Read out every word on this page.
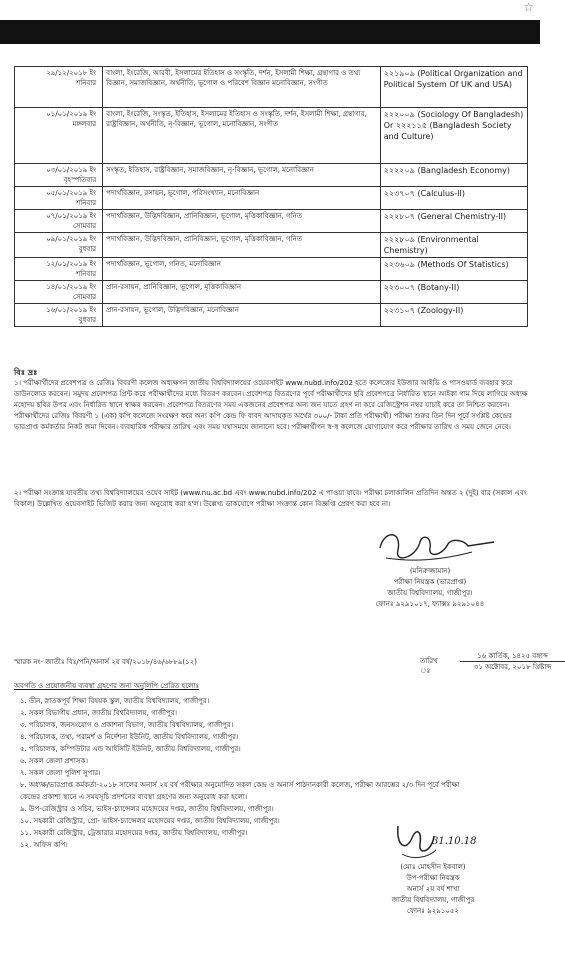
☆
২৯/১২/২০১৮ ইং
শনিবার	বাংলা, ইংরেজি, আরবী, ইসলামের ইতিহাস ও সংস্কৃতি, দর্শন, ইসলামী শিক্ষা, গ্রন্থাগার ও তথ্য বিজ্ঞান, সমাজবিজ্ঞান, অর্থনীতি, ভূগোল ও পরিবেশ বিজ্ঞান মনোবিজ্ঞান, সংগীত	২২১৯০৯ (Political Organization and Political System Of UK and USA)

০১/০১/২০১৯ ইং
মঙ্গলবার	বাংলা, ইংরেজি, সংস্কৃত, ইতিহাস, ইসলামের ইতিহাস ও সংস্কৃতি, দর্শন, ইসলামী শিক্ষা, গ্রন্থাগার, রাষ্ট্রবিজ্ঞান, অর্থনীতি, নৃ-বিজ্ঞান, ভূগোল, মনোবিজ্ঞান, সংগীত	২২২০০৯ (Sociology Of Bangladesh) Or ২২২১১৫ (Bangladesh Society and Culture)

০৩/০১/২০১৯ ইং
বৃহস্পতিবার	সংস্কৃত, ইতিহাস, রাষ্ট্রবিজ্ঞান, সমাজবিজ্ঞান, নৃ-বিজ্ঞান, ভূগোল, মনোবিজ্ঞান	২২২২০৯ (Bangladesh Economy)

০৫/০১/২০১৯ ইং
শনিবার	পদার্থবিজ্ঞান, রসায়ন, ভূগোল, পরিসংখ্যান, মনোবিজ্ঞান	২২৩৭০৭ (Calculus-II)

০৭/০১/২০১৯ ইং
সোমবার	পদার্থবিজ্ঞান, উদ্ভিদবিজ্ঞান, প্রানিবিজ্ঞান, ভূগোল, মৃত্তিকাবিজ্ঞান, গনিত	২২২৮০৭ (General Chemistry-II)

০৯/০১/২০১৯ ইং
বুধবার	পদার্থবিজ্ঞান, উদ্ভিদবিজ্ঞান, প্রানিবিজ্ঞান, ভূগোল, মৃত্তিকাবিজ্ঞান, গনিত	২২২৮০৯ (Environmental Chemistry)

১২/০১/২০১৯ ইং
শনিবার	পদার্থবিজ্ঞান, ভূগোল, গনিত, মনোবিজ্ঞান	২২৩৬০৯ (Methods Of Statistics)

১৪/০১/২০১৯ ইং
সোমবার	প্রান-রসায়ন, প্রানিবিজ্ঞান, ভূগোল, মৃত্তিকাবিজ্ঞান	২২৩০০৭ (Botany-II)

১৬/০১/২০১৯ ইং
বুধবার	প্রান-রসায়ন, ভূগোল, উদ্ভিদবিজ্ঞান, মনোবিজ্ঞান	২২৩১০৭ (Zoology-II)
বিঃ দ্রঃ
১। পরীক্ষার্থীদের প্রবেশপত্র ও রেজিঃ বিবরণী কলেজ অধ্যক্ষগন জাতীয় বিশ্ববিদ্যালয়ের ওয়েবসাইট www.nubd.info/202 হতে কলেজের ইউজার আইডি ও পাসওয়ার্ড ব্যবহার করে ডাউনলোড করবেন। সমুদয় প্রবেশপত্র প্রিন্ট করে পরীক্ষার্থীদের মধ্যে বিতরণ করবেন। প্রবেশপত্র বিতরণের পূর্বে পরীক্ষার্থীদের ছবি প্রবেশপত্রে নির্ধারিত স্থানে আইকা গাম দিয়ে লাগিয়ে অধ্যক্ষ মহোদয় ছবির উপর এবং নির্ধারিত স্থানে স্বাক্ষর করবেন। প্রবেশপত্র বিতরণের সময় একজনের প্রবেশপত্র অন্য জন যাতে গ্রহণ না করে রেজিস্ট্রেশন নম্বর যাচাই করে তা নিশ্চিত করবেন। পরীক্ষার্থীদের রেজিঃ বিবরণী ১ (এক) কপি কলেজে সংরক্ষণ করে অন্য কপি কেন্দ্র ফি বাবদ আদায়কৃত অর্থের ৩০০/- টাকা প্রতি পরীক্ষার্থী) পরীক্ষা শুরুর তিন দিন পূর্বে সংশ্লিষ্ট কেন্দ্রের ভারপ্রাপ্ত কর্মকর্তার নিকট জমা দিবেন। ব্যবহারিক পরীক্ষার তারিখ এবং সময় যথাসময়ে জানানো হবে। পরীক্ষার্থীগন স্ব-স্ব কলেজে যোগাযোগ করে পরীক্ষার তারিখ ও সময় জেনে নেবে।
২। পরীক্ষা সংক্রান্ত যাবতীয় তথ্য বিশ্ববিদ্যালয়ের ওয়েব সাইট (www.nu.ac.bd এবং www.nubd.info/202 এ পাওয়া যাবে। পরীক্ষা চলাকালিন প্রতিদিন অন্তত ২ (দুই) বার (সকাল এবং বিকাল) উল্লেখিত ওয়েবসাইট ভিজিট করার জন্য অনুরোধ করা হ'ল। উল্লেখ্য ডাকযোগে পরীক্ষা সংক্রান্ত কোন বিজ্ঞপ্তি প্রেরণ করা হবে না।
(মনিরুজ্জামান)
পরীক্ষা নিয়ন্ত্রক (ভারপ্রাপ্ত)
জাতীয় বিশ্ববিদ্যালয়, গাজীপুর।
ফোনঃ ৯২৯১০১৭, ফ্যাক্সঃ ৯২৯১০৪৪
স্মারক নং- জাতীঃ বিঃ/পনি/অনার্স ২য় বর্ষ/২০১৮/৪৬/৬৮৮৯(১২)	তারিখ ঃ
১৬ কার্তিক, ১৪২৫ বঙ্গাব্দ
৩১ অক্টোবর, ২০১৮ খ্রিষ্টাব্দ
অবগতি ও প্রয়োজনীয় ব্যবস্থা গ্রহণের জন্য অনুলিপি প্রেরিত হলোঃ
১. ডীন, স্নাতকপূর্ব শিক্ষা বিষয়ক স্কুল, জাতীয় বিশ্ববিদ্যালয়, গাজীপুর।
২. সকল বিভাগীয় প্রধান, জাতীয় বিশ্ববিদ্যালয়, গাজীপুর।
৩. পরিচালক, জনসংযোগ ও প্রকাশনা বিভাগ, জাতীয় বিশ্ববিদ্যালয়, গাজীপুর।
৪. পরিচালক, তথ্য, পরামর্শ ও নির্দেশনা ইউনিট, জাতীয় বিশ্ববিদ্যালয়, গাজীপুর।
৫. পরিচালক, কম্পিউটার এন্ড আইসিটি ইউনিট, জাতীয় বিশ্ববিদ্যালয়, গাজীপুর।
৬. সকল জেলা প্রশাসক।
৭. সকল জেলা পুলিশ সুপার।
৮. অধ্যক্ষ/ভারপ্রাপ্ত কর্মকর্তা-২০১৮ সালের অনার্স ২য় বর্ষ পরীক্ষার অনুমোদিত সকল কেন্দ্র ও অনার্স পাঠদানকারী কলেজ, পরীক্ষা আরম্ভের ২/৩ দিন পূর্বে পরীক্ষা
কেন্দ্রের প্রকাশ্য স্থানে এ সময়সূচি প্রদর্শনের ব্যবস্থা গ্রহণের জন্য অনুরোধ করা হলো।
৯. উপ-রেজিস্ট্রার ও সচিব, ভাইস-চ্যান্সেলর মহোদয়ের দপ্তর, জাতীয় বিশ্ববিদ্যালয়, গাজীপুর।
১০. সহকারী রেজিস্ট্রার, প্রো- ভাইস-চ্যান্সেলর মহোদয়ের দপ্তর, জাতীয় বিশ্ববিদ্যালয়, গাজীপুর।
১১. সহকারী রেজিস্ট্রার, ট্রেজারার মহোদয়ের দপ্তর, জাতীয় বিশ্ববিদ্যালয়, গাজীপুর।
১২. অফিস কপি।	31.10.18
(মোঃ মোহসীন ইকবাল)
উপ-পরীক্ষা নিয়ন্ত্রক
অনার্স ২য় বর্ষ শাখা
জাতীয় বিশ্ববিদ্যালয়, গাজীপুর
ফোনঃ ৯২৯১০৫২
